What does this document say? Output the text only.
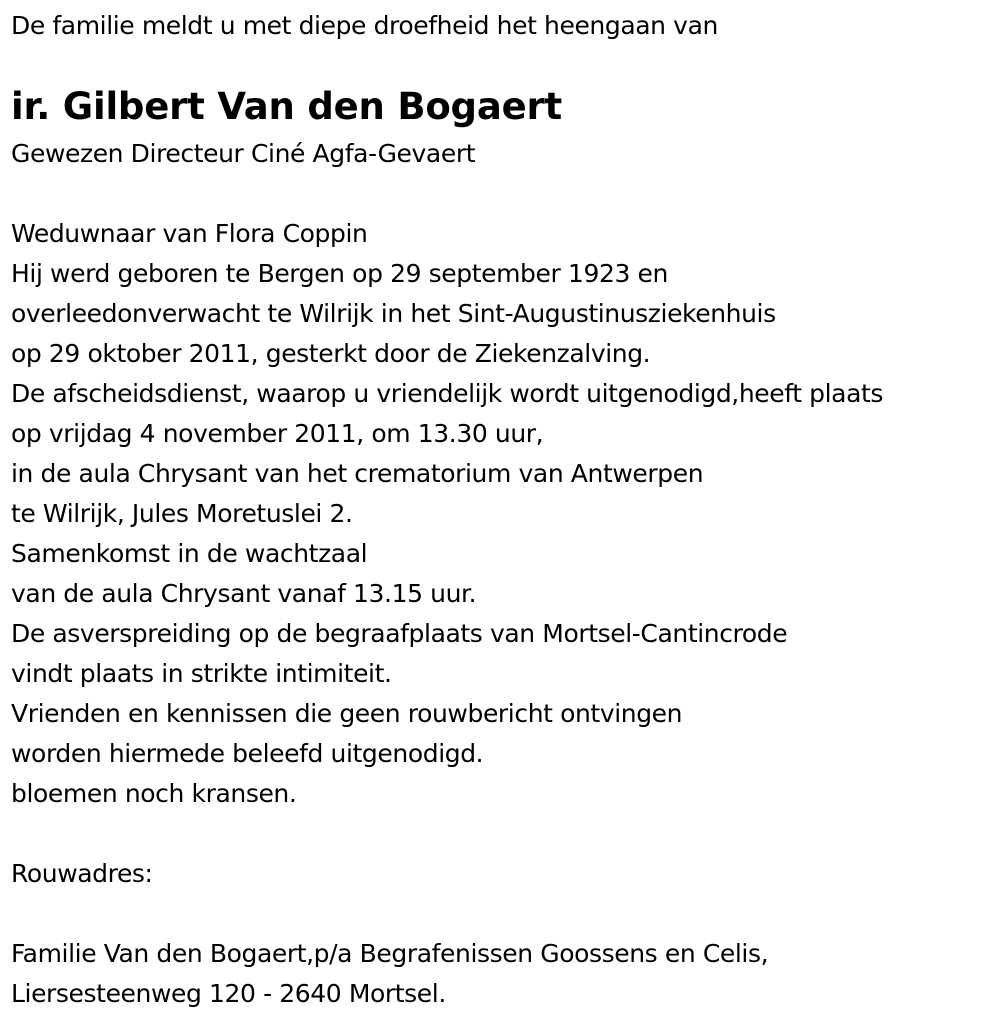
De familie meldt u met diepe droefheid het heengaan van
ir. Gilbert Van den Bogaert
Gewezen Directeur Ciné Agfa-Gevaert
Weduwnaar van Flora Coppin
Hij werd geboren te Bergen op 29 september 1923 en
overleedonverwacht te Wilrijk in het Sint-Augustinusziekenhuis
op 29 oktober 2011, gesterkt door de Ziekenzalving.
De afscheidsdienst, waarop u vriendelijk wordt uitgenodigd,heeft plaats
op vrijdag 4 november 2011, om 13.30 uur,
in de aula Chrysant van het crematorium van Antwerpen
te Wilrijk, Jules Moretuslei 2.
Samenkomst in de wachtzaal
van de aula Chrysant vanaf 13.15 uur.
De asverspreiding op de begraafplaats van Mortsel-Cantincrode
vindt plaats in strikte intimiteit.
Vrienden en kennissen die geen rouwbericht ontvingen
worden hiermede beleefd uitgenodigd.
bloemen noch kransen.
Rouwadres:
Familie Van den Bogaert,p/a Begrafenissen Goossens en Celis,
Liersesteenweg 120 - 2640 Mortsel.
